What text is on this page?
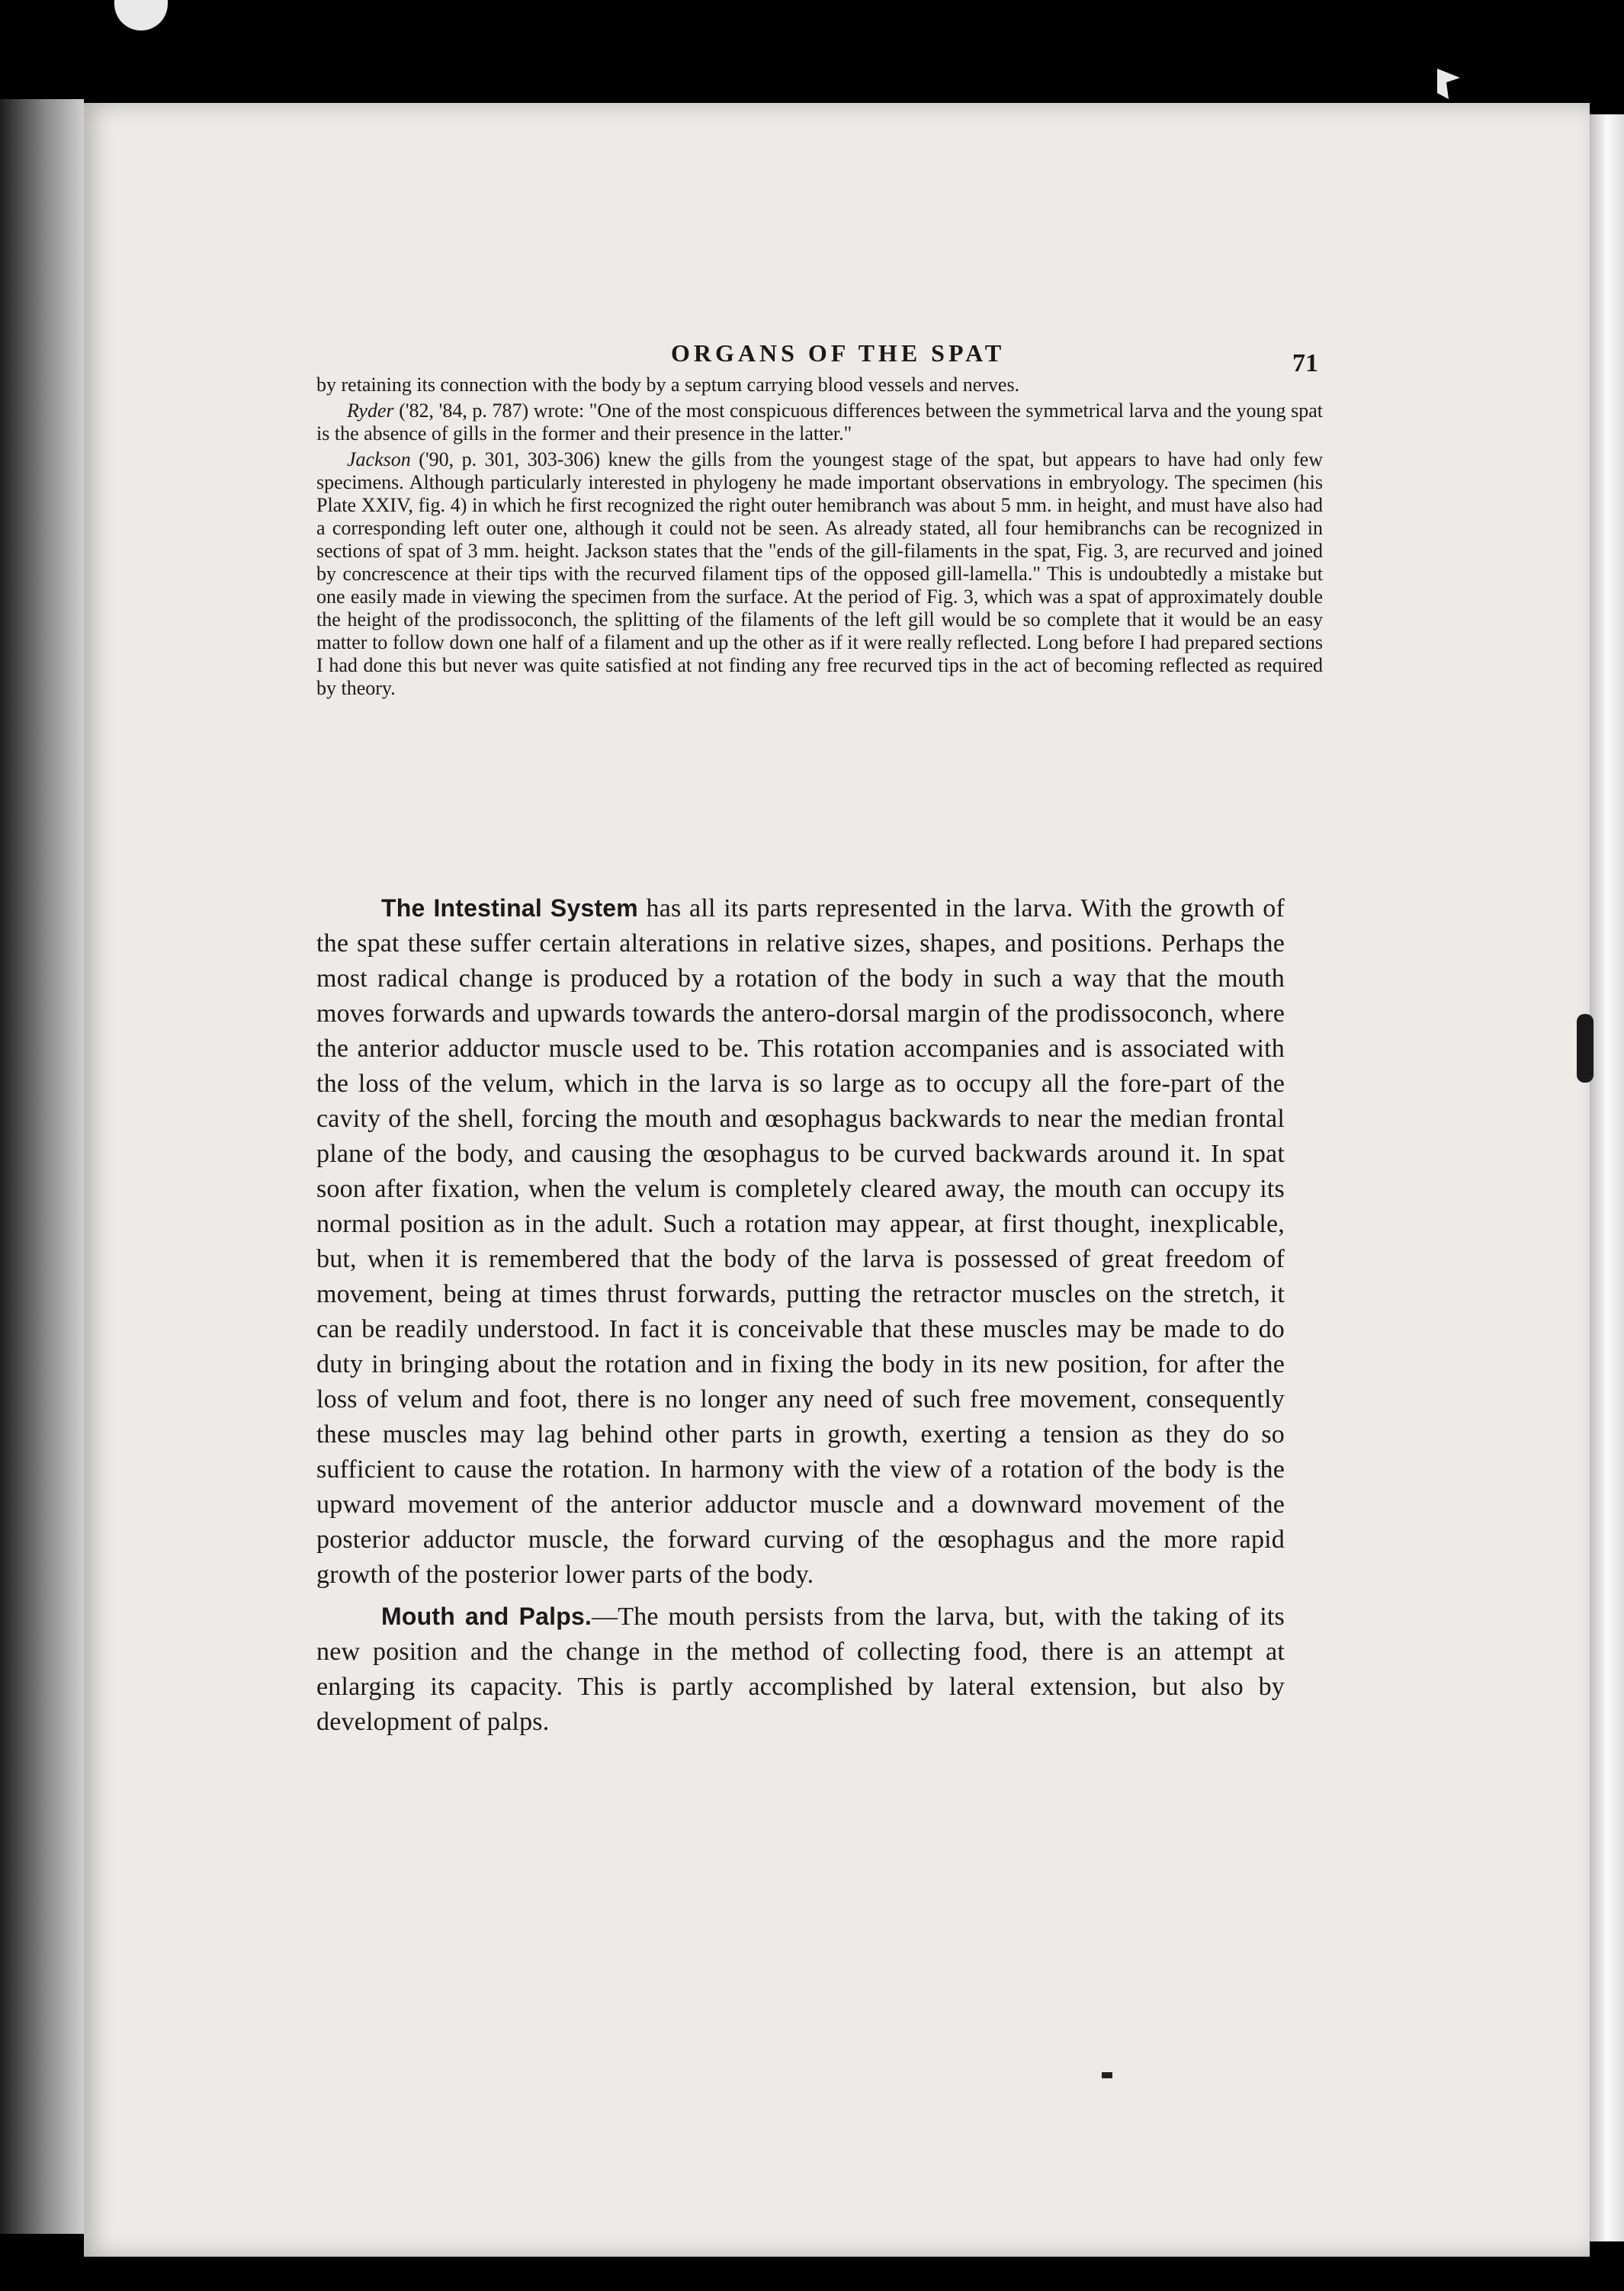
ORGANS OF THE SPAT	71

by retaining its connection with the body by a septum carrying blood vessels and nerves.

Ryder ('82, '84, p. 787) wrote: "One of the most conspicuous differences between the symmetrical larva and the young spat is the absence of gills in the former and their presence in the latter."

Jackson ('90, p. 301, 303-306) knew the gills from the youngest stage of the spat, but appears to have had only few specimens. Although particularly interested in phylogeny he made important observations in embryology. The specimen (his Plate XXIV, fig. 4) in which he first recognized the right outer hemibranch was about 5 mm. in height, and must have also had a corresponding left outer one, although it could not be seen. As already stated, all four hemibranchs can be recognized in sections of spat of 3 mm. height. Jackson states that the "ends of the gill-filaments in the spat, Fig. 3, are recurved and joined by concrescence at their tips with the recurved filament tips of the opposed gill-lamella." This is undoubtedly a mistake but one easily made in viewing the specimen from the surface. At the period of Fig. 3, which was a spat of approximately double the height of the prodissoconch, the splitting of the filaments of the left gill would be so complete that it would be an easy matter to follow down one half of a filament and up the other as if it were really reflected. Long before I had prepared sections I had done this but never was quite satisfied at not finding any free recurved tips in the act of becoming reflected as required by theory.

The Intestinal System has all its parts represented in the larva. With the growth of the spat these suffer certain alterations in relative sizes, shapes, and positions. Perhaps the most radical change is produced by a rotation of the body in such a way that the mouth moves forwards and upwards towards the antero-dorsal margin of the prodissoconch, where the anterior adductor muscle used to be. This rotation accompanies and is associated with the loss of the velum, which in the larva is so large as to occupy all the fore-part of the cavity of the shell, forcing the mouth and œsophagus backwards to near the median frontal plane of the body, and causing the œsophagus to be curved backwards around it. In spat soon after fixation, when the velum is completely cleared away, the mouth can occupy its normal position as in the adult. Such a rotation may appear, at first thought, inexplicable, but, when it is remembered that the body of the larva is possessed of great freedom of movement, being at times thrust forwards, putting the retractor muscles on the stretch, it can be readily understood. In fact it is conceivable that these muscles may be made to do duty in bringing about the rotation and in fixing the body in its new position, for after the loss of velum and foot, there is no longer any need of such free movement, consequently these muscles may lag behind other parts in growth, exerting a tension as they do so sufficient to cause the rotation. In harmony with the view of a rotation of the body is the upward movement of the anterior adductor muscle and a downward movement of the posterior adductor muscle, the forward curving of the œsophagus and the more rapid growth of the posterior lower parts of the body.

Mouth and Palps.—The mouth persists from the larva, but, with the taking of its new position and the change in the method of collecting food, there is an attempt at enlarging its capacity. This is partly accomplished by lateral extension, but also by development of palps.
